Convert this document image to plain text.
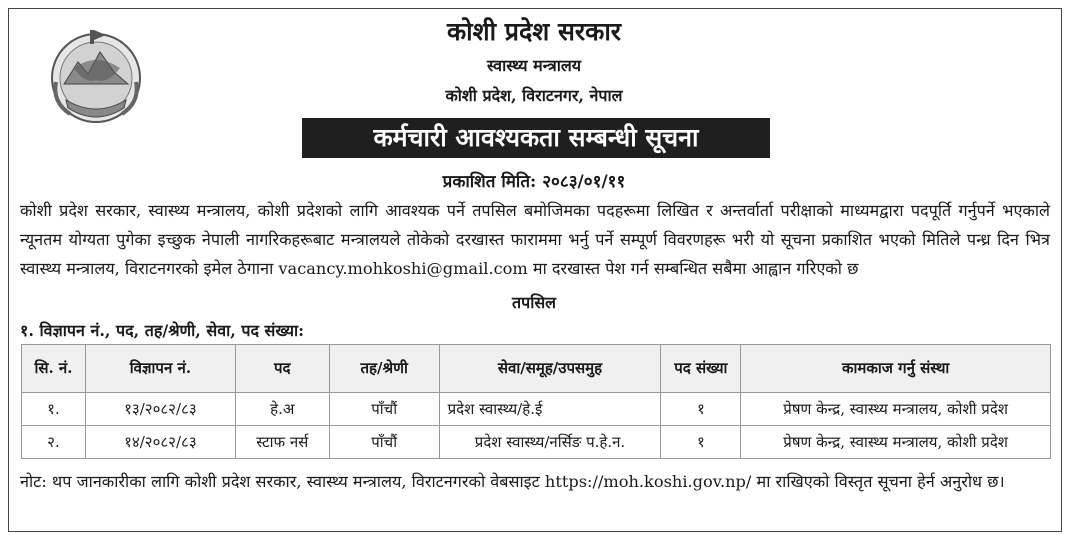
कोशी प्रदेश सरकार
स्वास्थ्य मन्त्रालय
कोशी प्रदेश, विराटनगर, नेपाल
कर्मचारी आवश्यकता सम्बन्धी सूचना
प्रकाशित मिति: २०८३/०१/११

कोशी प्रदेश सरकार, स्वास्थ्य मन्त्रालय, कोशी प्रदेशको लागि आवश्यक पर्ने तपसिल बमोजिमका पदहरूमा लिखित र अन्तर्वार्ता परीक्षाको माध्यमद्वारा पदपूर्ति गर्नुपर्ने भएकाले न्यूनतम योग्यता पुगेका इच्छुक नेपाली नागरिकहरूबाट मन्त्रालयले तोकेको दरखास्त फाराममा भर्नु पर्ने सम्पूर्ण विवरणहरू भरी यो सूचना प्रकाशित भएको मितिले पन्ध्र दिन भित्र स्वास्थ्य मन्त्रालय, विराटनगरको इमेल ठेगाना vacancy.mohkoshi@gmail.com मा दरखास्त पेश गर्न सम्बन्धित सबैमा आह्वान गरिएको छ

तपसिल
१. विज्ञापन नं., पद, तह/श्रेणी, सेवा, पद संख्या:
सि. नं.	विज्ञापन नं.	पद	तह/श्रेणी	सेवा/समूह/उपसमुह	पद संख्या	कामकाज गर्नु संस्था
१.	१३/२०८२/८३	हे.अ	पाँचौं	प्रदेश स्वास्थ्य/हे.ई	१	प्रेषण केन्द्र, स्वास्थ्य मन्त्रालय, कोशी प्रदेश
२.	१४/२०८२/८३	स्टाफ नर्स	पाँचौं	प्रदेश स्वास्थ्य/नर्सिङ प.हे.न.	१	प्रेषण केन्द्र, स्वास्थ्य मन्त्रालय, कोशी प्रदेश

नोट: थप जानकारीका लागि कोशी प्रदेश सरकार, स्वास्थ्य मन्त्रालय, विराटनगरको वेबसाइट https://moh.koshi.gov.np/ मा राखिएको विस्तृत सूचना हेर्न अनुरोध छ।
